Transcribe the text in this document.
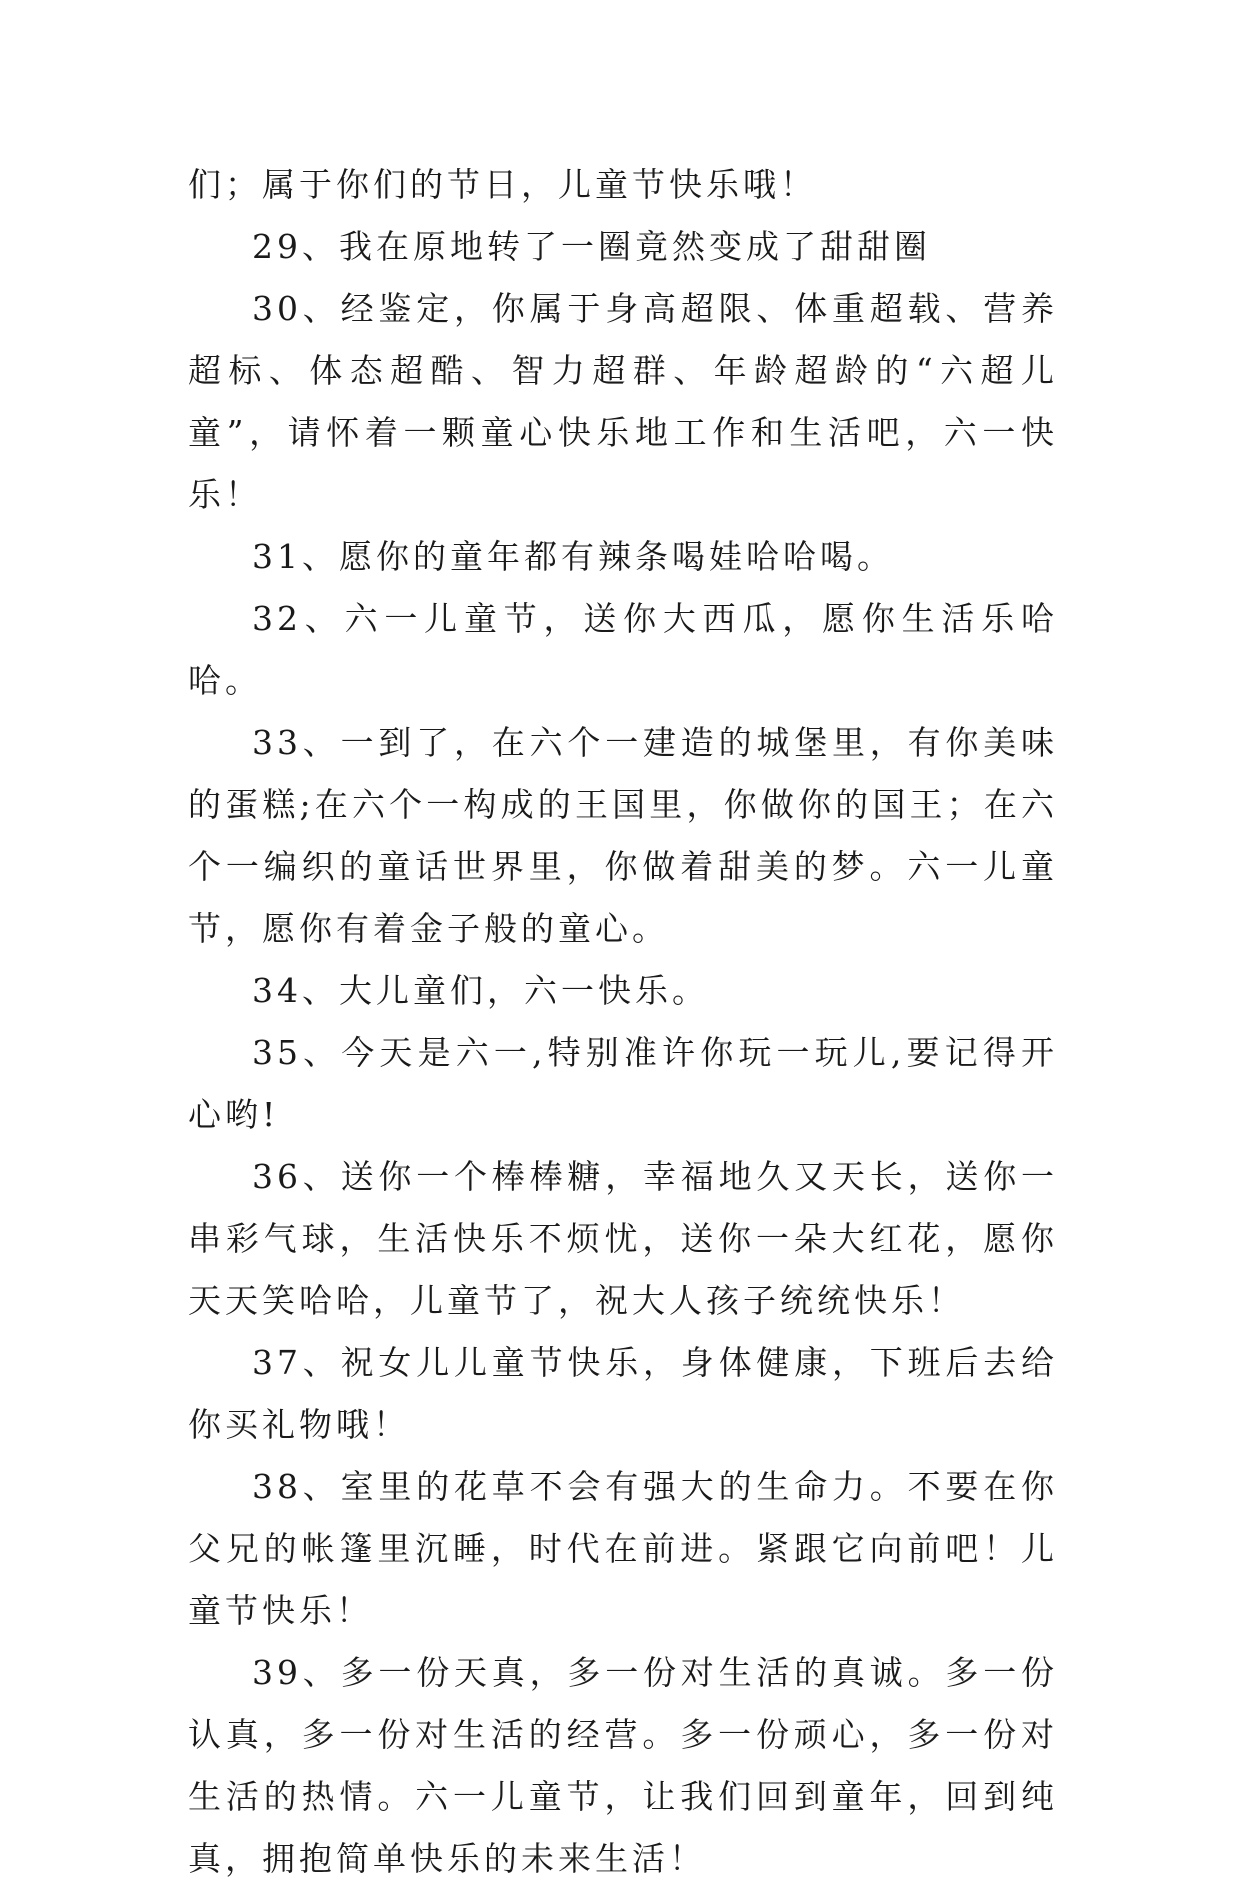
们；属于你们的节日，儿童节快乐哦！

29、我在原地转了一圈竟然变成了甜甜圈

30、经鉴定，你属于身高超限、体重超载、营养超标、体态超酷、智力超群、年龄超龄的“六超儿童”，请怀着一颗童心快乐地工作和生活吧，六一快乐！

31、愿你的童年都有辣条喝娃哈哈喝。

32、六一儿童节，送你大西瓜，愿你生活乐哈哈。

33、一到了，在六个一建造的城堡里，有你美味的蛋糕;在六个一构成的王国里，你做你的国王；在六个一编织的童话世界里，你做着甜美的梦。六一儿童节，愿你有着金子般的童心。

34、大儿童们，六一快乐。

35、今天是六一,特别准许你玩一玩儿,要记得开心哟!

36、送你一个棒棒糖，幸福地久又天长，送你一串彩气球，生活快乐不烦忧，送你一朵大红花，愿你天天笑哈哈，儿童节了，祝大人孩子统统快乐！

37、祝女儿儿童节快乐，身体健康，下班后去给你买礼物哦！

38、室里的花草不会有强大的生命力。不要在你父兄的帐篷里沉睡，时代在前进。紧跟它向前吧！儿童节快乐！

39、多一份天真，多一份对生活的真诚。多一份认真，多一份对生活的经营。多一份顽心，多一份对生活的热情。六一儿童节，让我们回到童年，回到纯真，拥抱简单快乐的未来生活！
